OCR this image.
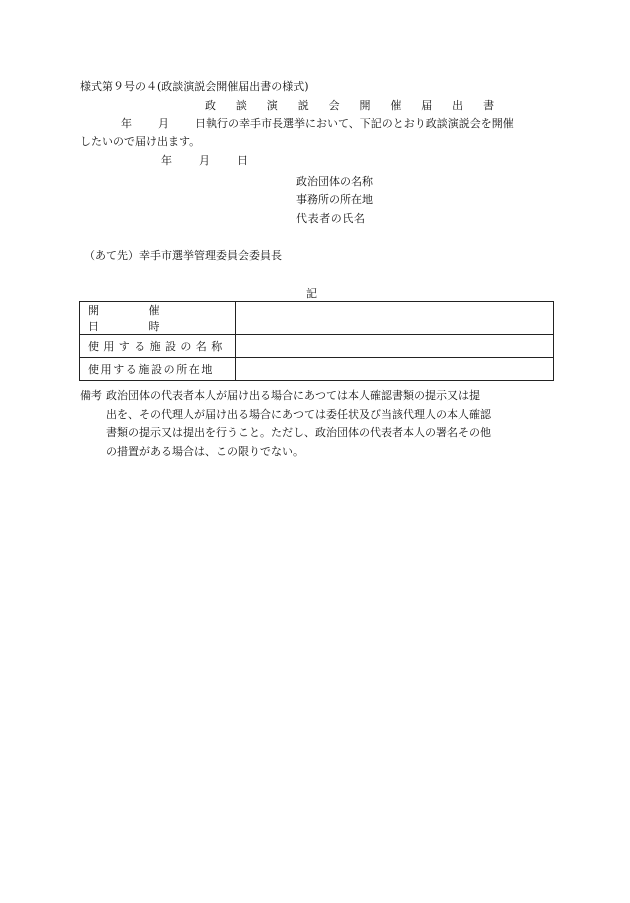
様式第９号の４(政談演説会開催届出書の様式)
政 談 演 説 会 開 催 届 出 書
年 月 日執行の幸手市長選挙において、下記のとおり政談演説会を開催
したいので届け出ます。
年 月 日
政治団体の名称
事務所の所在地
代表者の氏名
（あて先）幸手市選挙管理委員会委員長
記
開 催 日 時	
使用する施設の名称	
使用する施設の所在地	
備考 政治団体の代表者本人が届け出る場合にあつては本人確認書類の提示又は提
出を、その代理人が届け出る場合にあつては委任状及び当該代理人の本人確認
書類の提示又は提出を行うこと。ただし、政治団体の代表者本人の署名その他
の措置がある場合は、この限りでない。
